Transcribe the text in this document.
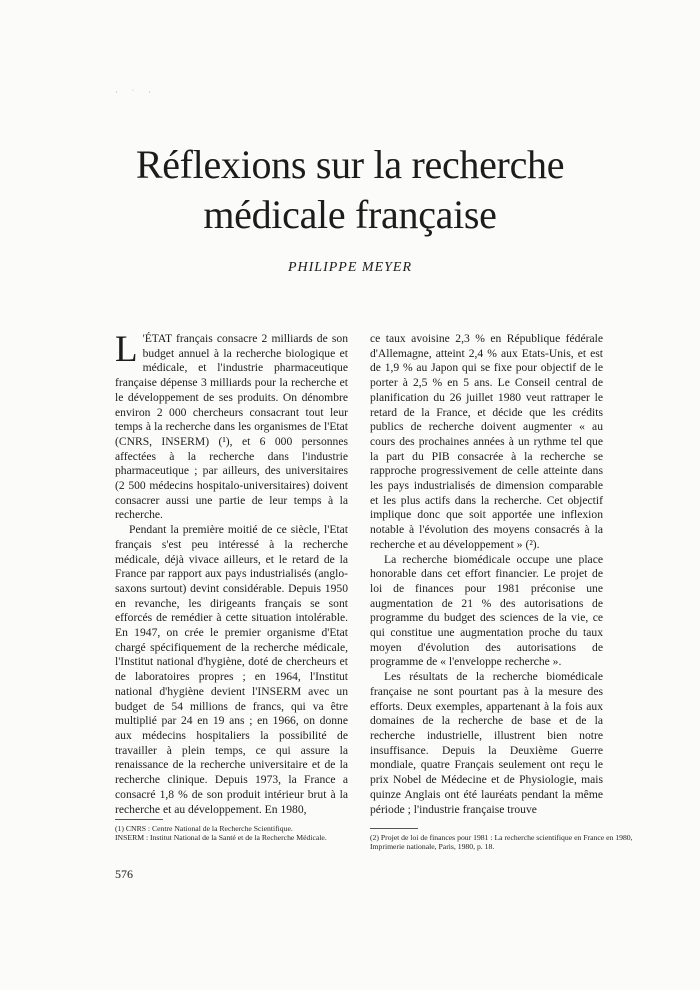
· ˙ ·
Réflexions sur la recherche
médicale française
PHILIPPE MEYER

L 'ÉTAT français consacre 2 milliards de son budget annuel à la recherche biologique et médicale, et l'industrie pharmaceutique française dépense 3 milliards pour la recherche et le développement de ses produits. On dénombre environ 2 000 chercheurs consacrant tout leur temps à la recherche dans les organismes de l'Etat (CNRS, INSERM) (¹), et 6 000 personnes affectées à la recherche dans l'industrie pharmaceutique ; par ailleurs, des universitaires (2 500 médecins hospitalo-universitaires) doivent consacrer aussi une partie de leur temps à la recherche.

Pendant la première moitié de ce siècle, l'Etat français s'est peu intéressé à la recherche médicale, déjà vivace ailleurs, et le retard de la France par rapport aux pays industrialisés (anglo-saxons surtout) devint considérable. Depuis 1950 en revanche, les dirigeants français se sont efforcés de remédier à cette situation intolérable. En 1947, on crée le premier organisme d'Etat chargé spécifiquement de la recherche médicale, l'Institut national d'hygiène, doté de chercheurs et de laboratoires propres ; en 1964, l'Institut national d'hygiène devient l'INSERM avec un budget de 54 millions de francs, qui va être multiplié par 24 en 19 ans ; en 1966, on donne aux médecins hospitaliers la possibilité de travailler à plein temps, ce qui assure la renaissance de la recherche universitaire et de la recherche clinique. Depuis 1973, la France a consacré 1,8 % de son produit intérieur brut à la recherche et au développement. En 1980,

ce taux avoisine 2,3 % en République fédérale d'Allemagne, atteint 2,4 % aux Etats-Unis, et est de 1,9 % au Japon qui se fixe pour objectif de le porter à 2,5 % en 5 ans. Le Conseil central de planification du 26 juillet 1980 veut rattraper le retard de la France, et décide que les crédits publics de recherche doivent augmenter « au cours des prochaines années à un rythme tel que la part du PIB consacrée à la recherche se rapproche progressivement de celle atteinte dans les pays industrialisés de dimension comparable et les plus actifs dans la recherche. Cet objectif implique donc que soit apportée une inflexion notable à l'évolution des moyens consacrés à la recherche et au développement » (²).

La recherche biomédicale occupe une place honorable dans cet effort financier. Le projet de loi de finances pour 1981 préconise une augmentation de 21 % des autorisations de programme du budget des sciences de la vie, ce qui constitue une augmentation proche du taux moyen d'évolution des autorisations de programme de « l'enveloppe recherche ».

Les résultats de la recherche biomédicale française ne sont pourtant pas à la mesure des efforts. Deux exemples, appartenant à la fois aux domaines de la recherche de base et de la recherche industrielle, illustrent bien notre insuffisance. Depuis la Deuxième Guerre mondiale, quatre Français seulement ont reçu le prix Nobel de Médecine et de Physiologie, mais quinze Anglais ont été lauréats pendant la même période ; l'industrie française trouve

(1) CNRS : Centre National de la Recherche Scientifique.

INSERM : Institut National de la Santé et de la Recherche Médicale.	(2) Projet de loi de finances pour 1981 : La recherche scientifique en France en 1980, Imprimerie nationale, Paris, 1980, p. 18.

576
